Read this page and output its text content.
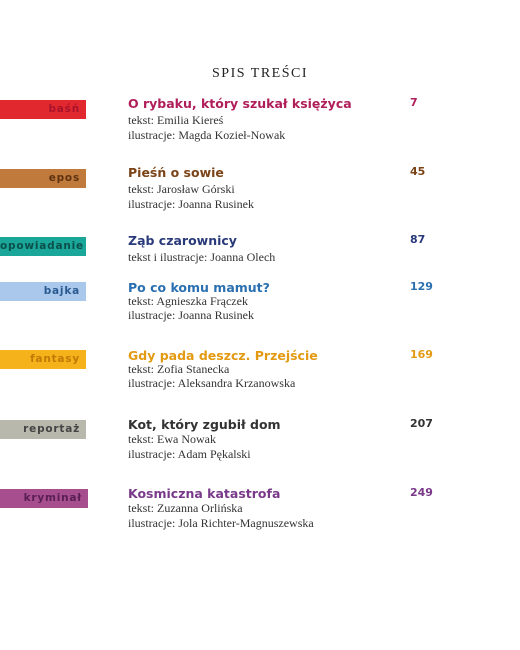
SPIS TREŚCI
baśń	O rybaku, który szukał księżyca
tekst: Emilia Kiereś
ilustracje: Magda Kozieł-Nowak
7
epos	Pieśń o sowie
tekst: Jarosław Górski
ilustracje: Joanna Rusinek
45
opowiadanie	Ząb czarownicy
tekst i ilustracje: Joanna Olech
87
bajka	Po co komu mamut?
tekst: Agnieszka Frączek
ilustracje: Joanna Rusinek
129
fantasy	Gdy pada deszcz. Przejście
tekst: Zofia Stanecka
ilustracje: Aleksandra Krzanowska
169
reportaż	Kot, który zgubił dom
tekst: Ewa Nowak
ilustracje: Adam Pękalski
207
kryminał	Kosmiczna katastrofa
tekst: Zuzanna Orlińska
ilustracje: Jola Richter-Magnuszewska
249
